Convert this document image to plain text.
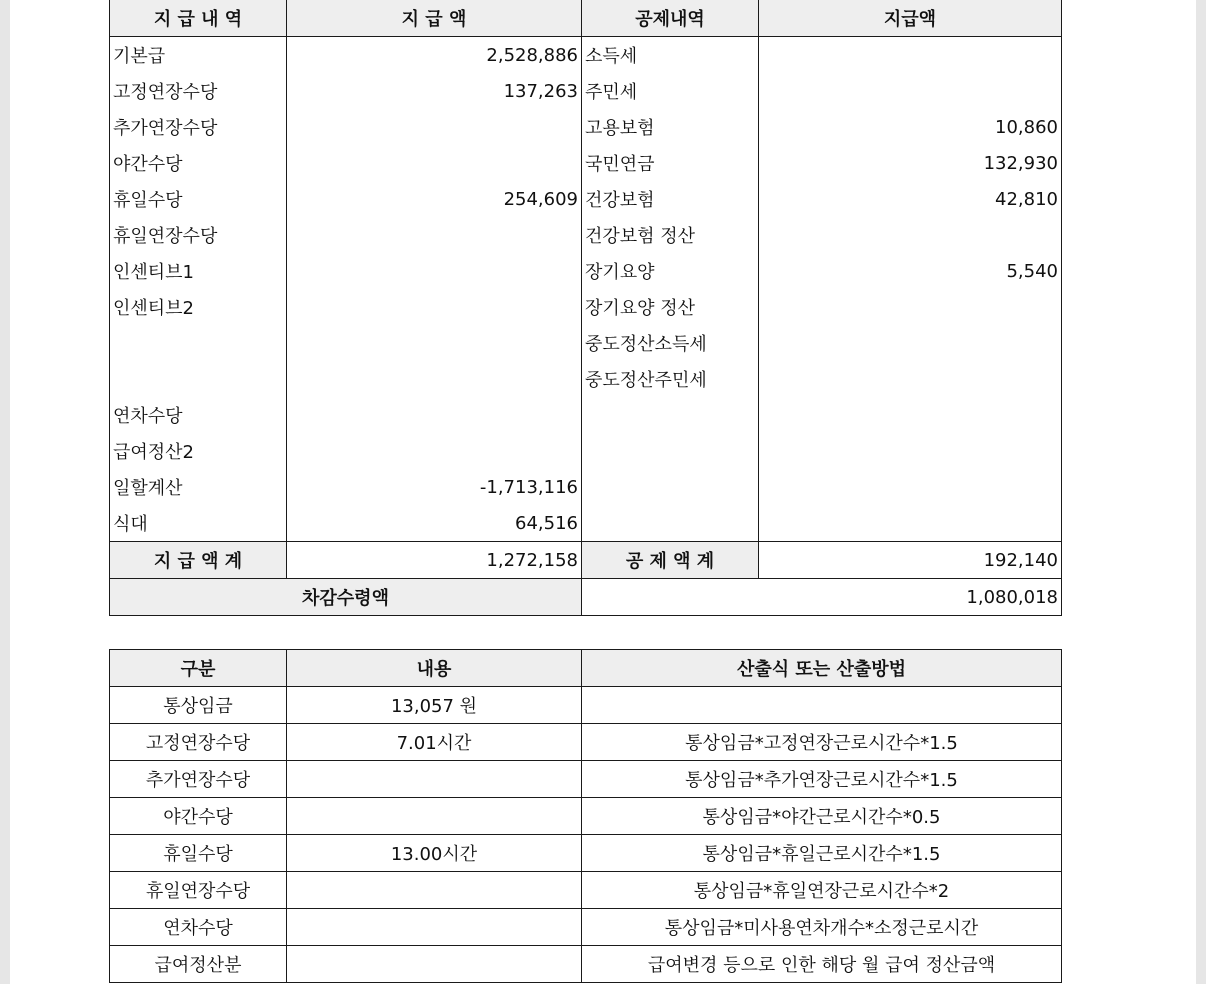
지 급 내 역	지 급 액	공제내역	지급액
기본급	2,528,886	소득세	
고정연장수당	137,263	주민세	
추가연장수당		고용보험	10,860
야간수당		국민연금	132,930
휴일수당	254,609	건강보험	42,810
휴일연장수당		건강보험 정산	
인센티브1		장기요양	5,540
인센티브2		장기요양 정산	
		중도정산소득세	
		중도정산주민세	
연차수당			
급여정산2			
일할계산	-1,713,116		
식대	64,516		
지 급 액 계	1,272,158	공 제 액 계	192,140
차감수령액		1,080,018	
구분	내용	산출식 또는 산출방법
통상임금	13,057 원	
고정연장수당	7.01시간	통상임금*고정연장근로시간수*1.5
추가연장수당		통상임금*추가연장근로시간수*1.5
야간수당		통상임금*야간근로시간수*0.5
휴일수당	13.00시간	통상임금*휴일근로시간수*1.5
휴일연장수당		통상임금*휴일연장근로시간수*2
연차수당		통상임금*미사용연차개수*소정근로시간
급여정산분		급여변경 등으로 인한 해당 월 급여 정산금액
